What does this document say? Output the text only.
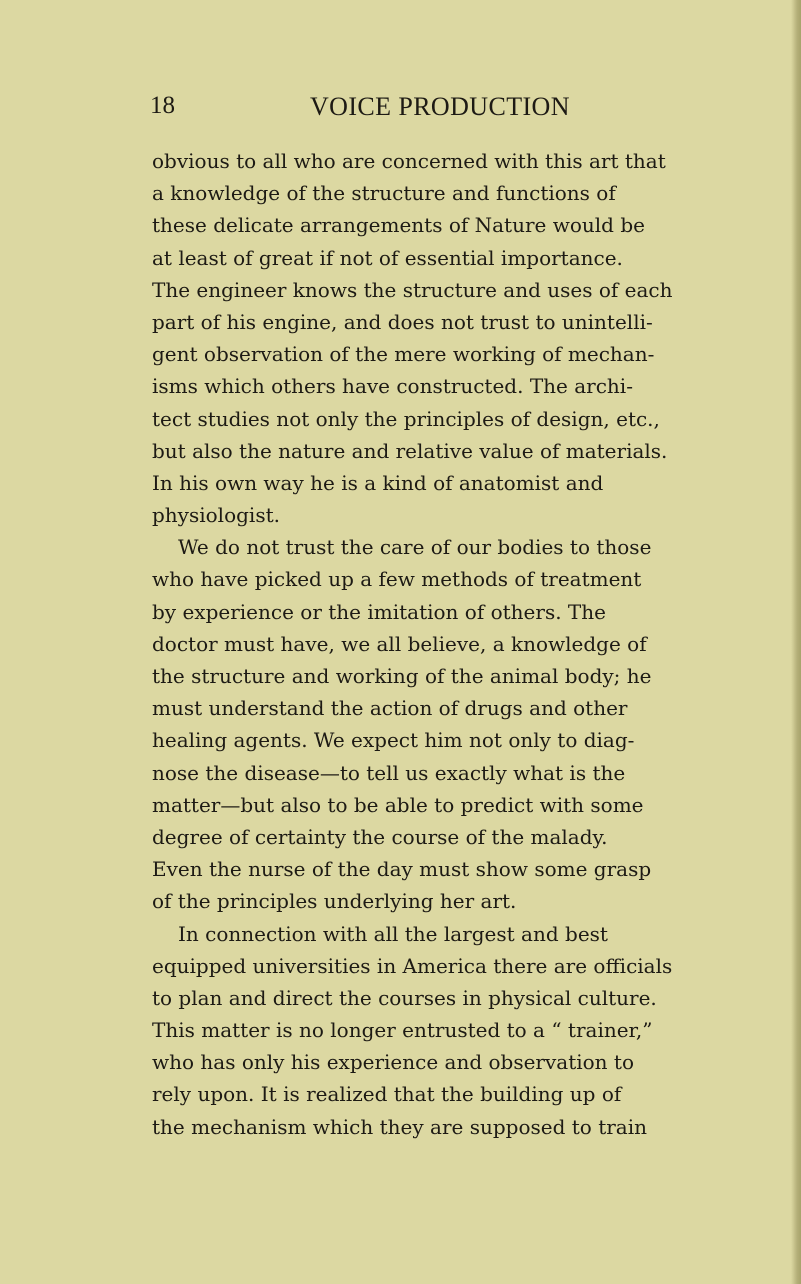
18	VOICE PRODUCTION
obvious to all who are concerned with this art that
a knowledge of the structure and functions of
these delicate arrangements of Nature would be
at least of great if not of essential importance.
The engineer knows the structure and uses of each
part of his engine, and does not trust to unintelli-
gent observation of the mere working of mechan-
isms which others have constructed. The archi-
tect studies not only the principles of design, etc.,
but also the nature and relative value of materials.
In his own way he is a kind of anatomist and
physiologist.
We do not trust the care of our bodies to those
who have picked up a few methods of treatment
by experience or the imitation of others. The
doctor must have, we all believe, a knowledge of
the structure and working of the animal body; he
must understand the action of drugs and other
healing agents. We expect him not only to diag-
nose the disease—to tell us exactly what is the
matter—but also to be able to predict with some
degree of certainty the course of the malady.
Even the nurse of the day must show some grasp
of the principles underlying her art.
In connection with all the largest and best
equipped universities in America there are officials
to plan and direct the courses in physical culture.
This matter is no longer entrusted to a “ trainer,”
who has only his experience and observation to
rely upon. It is realized that the building up of
the mechanism which they are supposed to train
